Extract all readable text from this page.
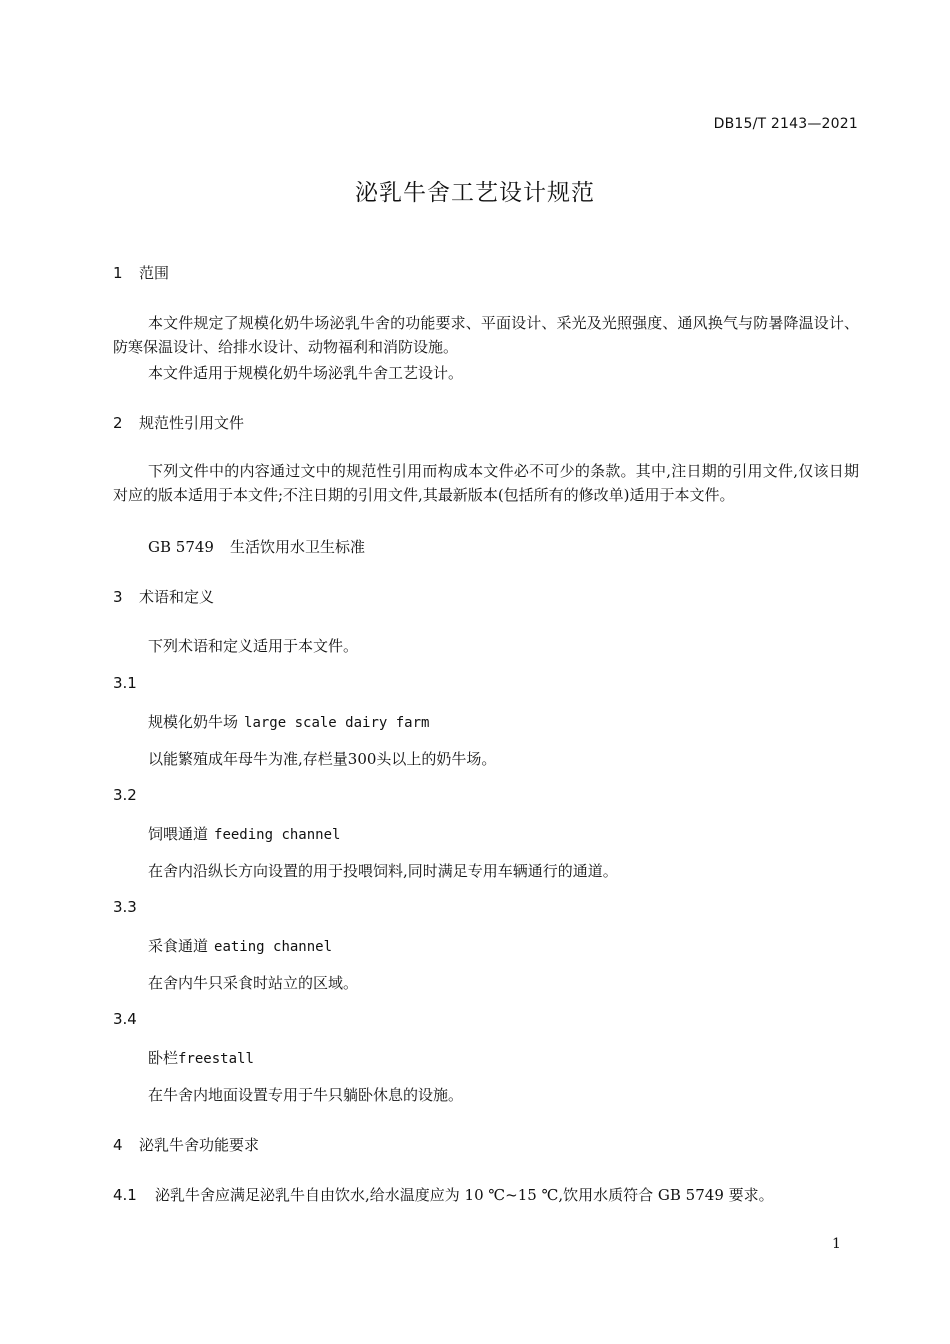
DB15/T 2143—2021
泌乳牛舍工艺设计规范
1 范围
本文件规定了规模化奶牛场泌乳牛舍的功能要求、平面设计、采光及光照强度、通风换气与防暑降温设计、防寒保温设计、给排水设计、动物福利和消防设施。
本文件适用于规模化奶牛场泌乳牛舍工艺设计。
2 规范性引用文件
下列文件中的内容通过文中的规范性引用而构成本文件必不可少的条款。其中,注日期的引用文件,仅该日期对应的版本适用于本文件;不注日期的引用文件,其最新版本(包括所有的修改单)适用于本文件。
GB 5749 生活饮用水卫生标准
3 术语和定义
下列术语和定义适用于本文件。
3.1
规模化奶牛场 large scale dairy farm
以能繁殖成年母牛为准,存栏量300头以上的奶牛场。
3.2
饲喂通道 feeding channel
在舍内沿纵长方向设置的用于投喂饲料,同时满足专用车辆通行的通道。
3.3
采食通道 eating channel
在舍内牛只采食时站立的区域。
3.4
卧栏freestall
在牛舍内地面设置专用于牛只躺卧休息的设施。
4 泌乳牛舍功能要求
4.1 泌乳牛舍应满足泌乳牛自由饮水,给水温度应为 10 ℃~15 ℃,饮用水质符合 GB 5749 要求。
1
